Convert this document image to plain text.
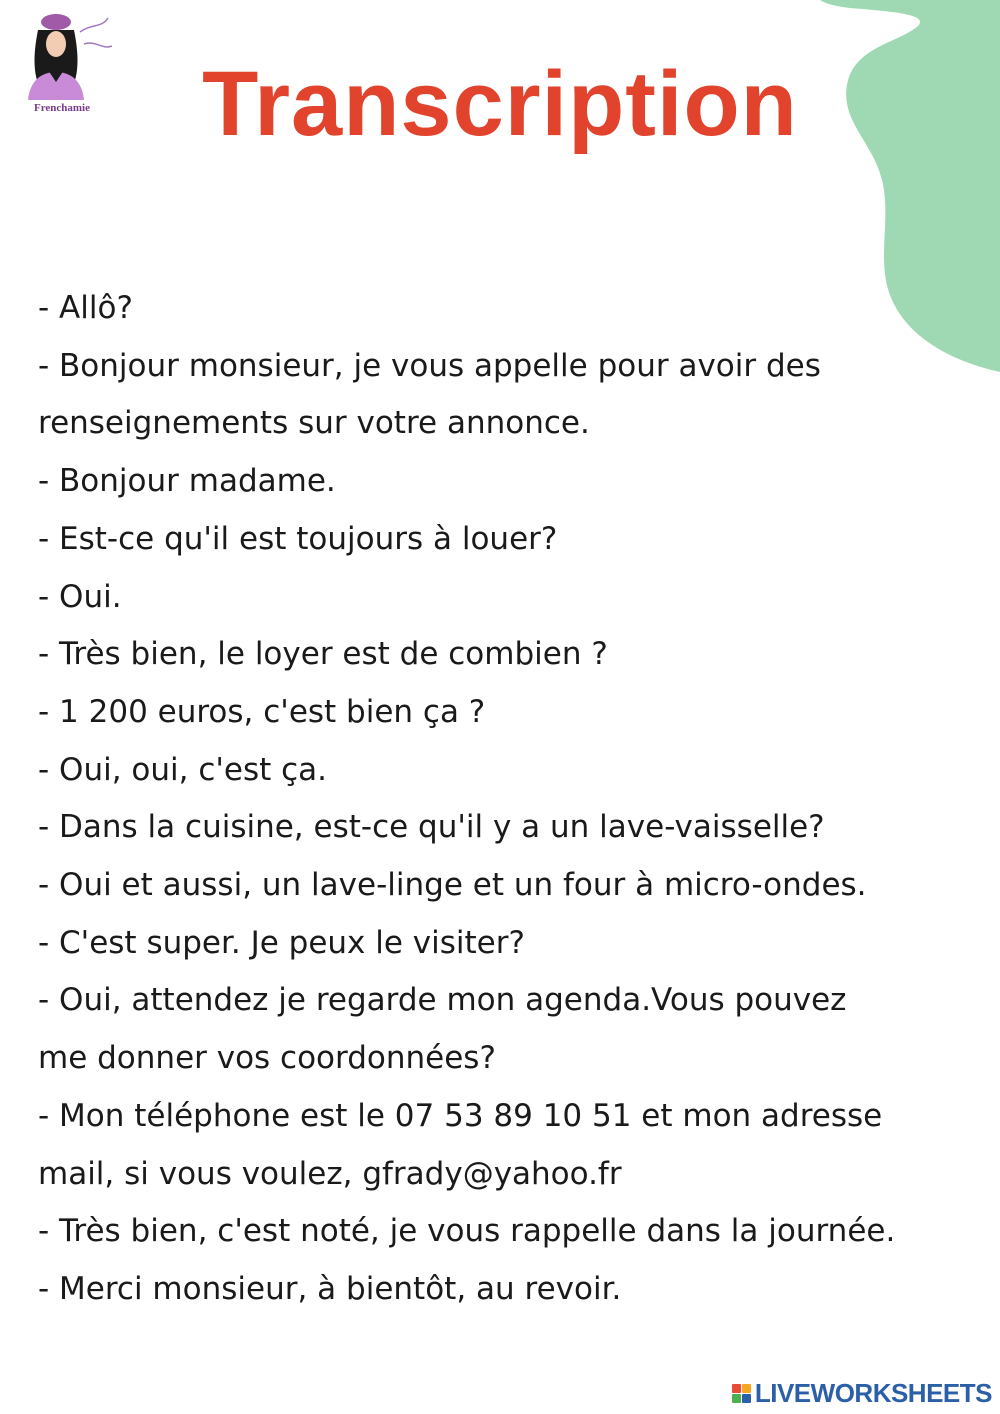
Frenchamie	Transcription
- Allô?
- Bonjour monsieur, je vous appelle pour avoir des
renseignements sur votre annonce.
- Bonjour madame.
- Est-ce qu'il est toujours à louer?
- Oui.
- Très bien, le loyer est de combien ?
- 1 200 euros, c'est bien ça ?
- Oui, oui, c'est ça.
- Dans la cuisine, est-ce qu'il y a un lave-vaisselle?
- Oui et aussi, un lave-linge et un four à micro-ondes.
- C'est super. Je peux le visiter?
- Oui, attendez je regarde mon agenda.Vous pouvez
me donner vos coordonnées?
- Mon téléphone est le 07 53 89 10 51 et mon adresse
mail, si vous voulez, gfrady@yahoo.fr
- Très bien, c'est noté, je vous rappelle dans la journée.
- Merci monsieur, à bientôt, au revoir.
LIVEWORKSHEETS
